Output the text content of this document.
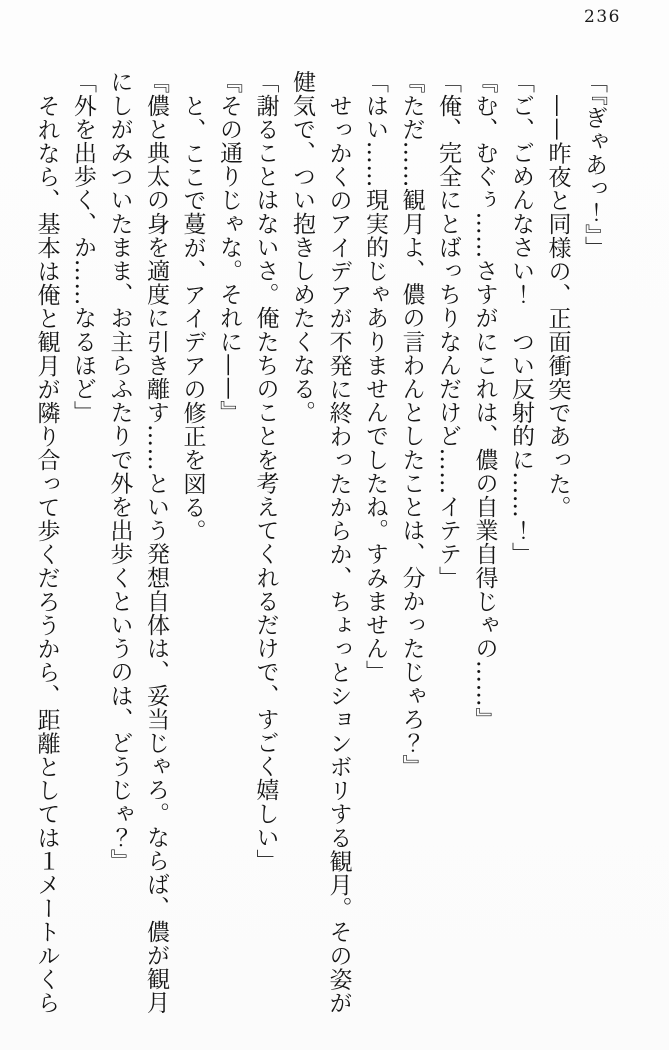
236

「『ぎゃあっ！』」

——昨夜と同様の、正面衝突であった。

「ご、ごめんなさい！　つい反射的に……！」

『む、むぐぅ……さすがにこれは、儂の自業自得じゃの……』

「俺、完全にとばっちりなんだけど……イテテ」

『ただ……観月よ、儂の言わんとしたことは、分かったじゃろ？』

「はい……現実的じゃありませんでしたね。すみません」

せっかくのアイデアが不発に終わったからか、ちょっとションボリする観月。その姿が

健気で、つい抱きしめたくなる。

「謝ることはないさ。俺たちのことを考えてくれるだけで、すごく嬉しい」

『その通りじゃな。それに——』

と、ここで蔓が、アイデアの修正を図る。

『儂と典太の身を適度に引き離す……という発想自体は、妥当じゃろ。ならば、儂が観月

にしがみついたまま、お主らふたりで外を出歩くというのは、どうじゃ？』

「外を出歩く、か……なるほど」

それなら、基本は俺と観月が隣り合って歩くだろうから、距離としては１メートルくら
